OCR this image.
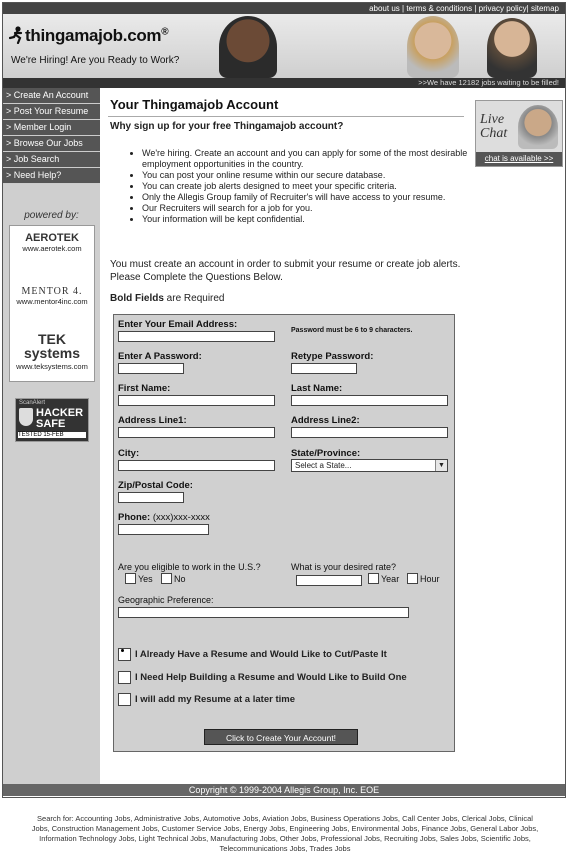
about us | terms & conditions | privacy policy| sitemap
thingamajob.com®
We're Hiring! Are you Ready to Work?
>>We have 12182 jobs waiting to be filled!
> Create An Account
> Post Your Resume
> Member Login
> Browse Our Jobs
> Job Search
> Need Help?
powered by:
AEROTEK
www.aerotek.com
MENTOR 4.
www.mentor4inc.com
TEK systems
www.teksystems.com
ScanAlert
HACKER
SAFE
TESTED 15-FEB
Your Thingamajob Account
Why sign up for your free Thingamajob account?	Live
Chat
chat is available >>
• We're hiring. Create an account and you can apply for some of the most desirable employment opportunities in the country.
• You can post your online resume within our secure database.
• You can create job alerts designed to meet your specific criteria.
• Only the Allegis Group family of Recruiter's will have access to your resume.
• Our Recruiters will search for a job for you.
• Your information will be kept confidential.
You must create an account in order to submit your resume or create job alerts. Please Complete the Questions Below.
Bold Fields are Required
Enter Your Email Address:
Password must be 6 to 9 characters.
Enter A Password:	Retype Password:
First Name:	Last Name:
Address Line1:	Address Line2:
City:	State/Province:
Select a State...	▼
Zip/Postal Code:
Phone: (xxx)xxx-xxxx
Are you eligible to work in the U.S.?
Yes No
What is your desired rate?
Year Hour
Geographic Preference:
I Already Have a Resume and Would Like to Cut/Paste It
I Need Help Building a Resume and Would Like to Build One
I will add my Resume at a later time
Click to Create Your Account!
Copyright © 1999-2004 Allegis Group, Inc. EOE
Search for: Accounting Jobs, Administrative Jobs, Automotive Jobs, Aviation Jobs, Business Operations Jobs, Call Center Jobs, Clerical Jobs, Clinical Jobs, Construction Management Jobs, Customer Service Jobs, Energy Jobs, Engineering Jobs, Environmental Jobs, Finance Jobs, General Labor Jobs, Information Technology Jobs, Light Technical Jobs, Manufacturing Jobs, Other Jobs, Professional Jobs, Recruiting Jobs, Sales Jobs, Scientific Jobs, Telecommunications Jobs, Trades Jobs
